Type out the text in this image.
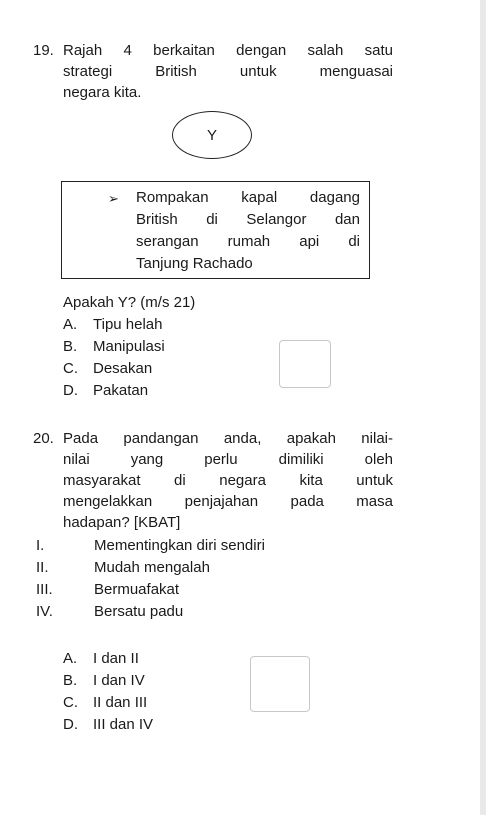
19. Rajah 4 berkaitan dengan salah satu
strategi British untuk menguasai
negara kita.
Y
➢ Rompakan kapal dagang
British di Selangor dan
serangan rumah api di
Tanjung Rachado
Apakah Y? (m/s 21)
A. Tipu helah
B. Manipulasi
C. Desakan
D. Pakatan
20. Pada pandangan anda, apakah nilai-
nilai yang perlu dimiliki oleh
masyarakat di negara kita untuk
mengelakkan penjajahan pada masa
hadapan? [KBAT]
I.	Mementingkan diri sendiri
II.	Mudah mengalah
III.	Bermuafakat
IV.	Bersatu padu
A. I dan II
B. I dan IV
C. II dan III
D. III dan IV
